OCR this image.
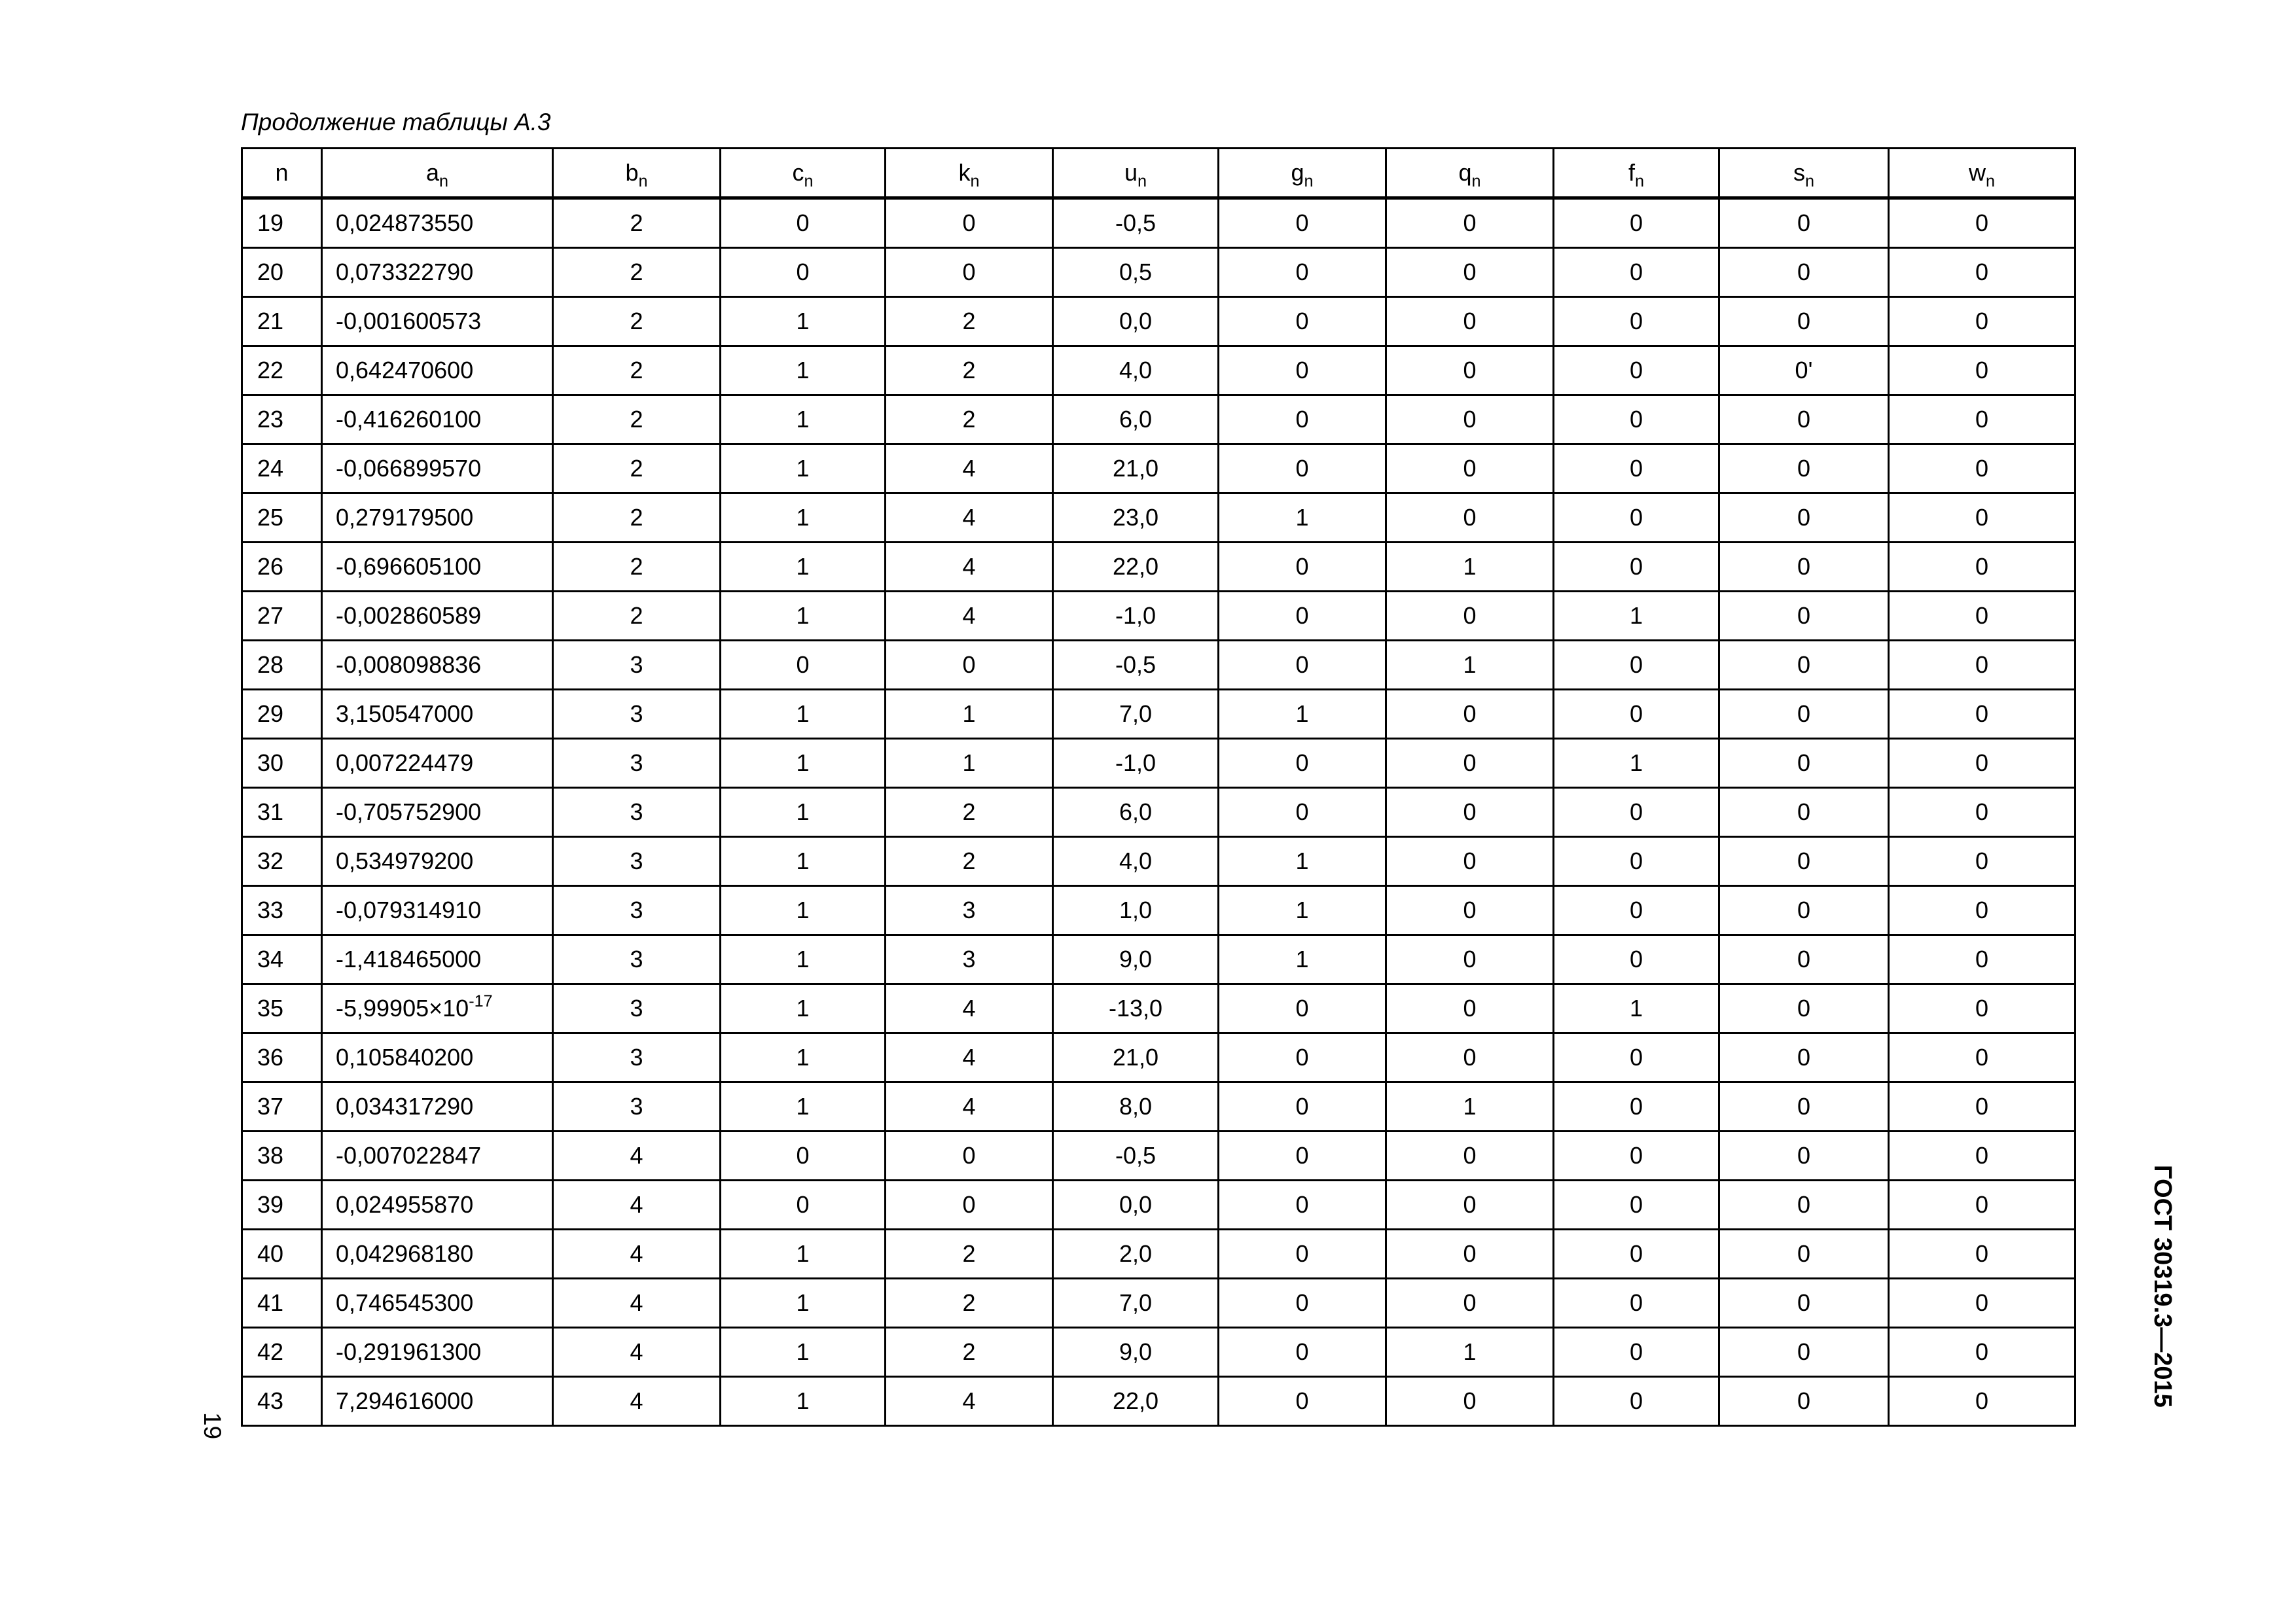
Продолжение таблицы А.3
n	$a_n$	$b_n$	$c_n$	$k_n$	$u_n$	$g_n$	$q_n$	$f_n$	$s_n$	$w_n$
19	0,024873550	2	0	0	-0,5	0	0	0	0	0
20	0,073322790	2	0	0	0,5	0	0	0	0	0
21	-0,001600573	2	1	2	0,0	0	0	0	0	0
22	0,642470600	2	1	2	4,0	0	0	0	0'	0
23	-0,416260100	2	1	2	6,0	0	0	0	0	0
24	-0,066899570	2	1	4	21,0	0	0	0	0	0
25	0,279179500	2	1	4	23,0	1	0	0	0	0
26	-0,696605100	2	1	4	22,0	0	1	0	0	0
27	-0,002860589	2	1	4	-1,0	0	0	1	0	0
28	-0,008098836	3	0	0	-0,5	0	1	0	0	0
29	3,150547000	3	1	1	7,0	1	0	0	0	0
30	0,007224479	3	1	1	-1,0	0	0	1	0	0
31	-0,705752900	3	1	2	6,0	0	0	0	0	0
32	0,534979200	3	1	2	4,0	1	0	0	0	0
33	-0,079314910	3	1	3	1,0	1	0	0	0	0
34	-1,418465000	3	1	3	9,0	1	0	0	0	0
35	$-5,99905\times 10^{-17}$	3	1	4	-13,0	0	0	1	0	0
36	0,105840200	3	1	4	21,0	0	0	0	0	0
37	0,034317290	3	1	4	8,0	0	1	0	0	0
38	-0,007022847	4	0	0	-0,5	0	0	0	0	0
39	0,024955870	4	0	0	0,0	0	0	0	0	0
40	0,042968180	4	1	2	2,0	0	0	0	0	0
41	0,746545300	4	1	2	7,0	0	0	0	0	0
42	-0,291961300	4	1	2	9,0	0	1	0	0	0
43	7,294616000	4	1	4	22,0	0	0	0	0	0	ГОСТ 30319.3—2015
19
